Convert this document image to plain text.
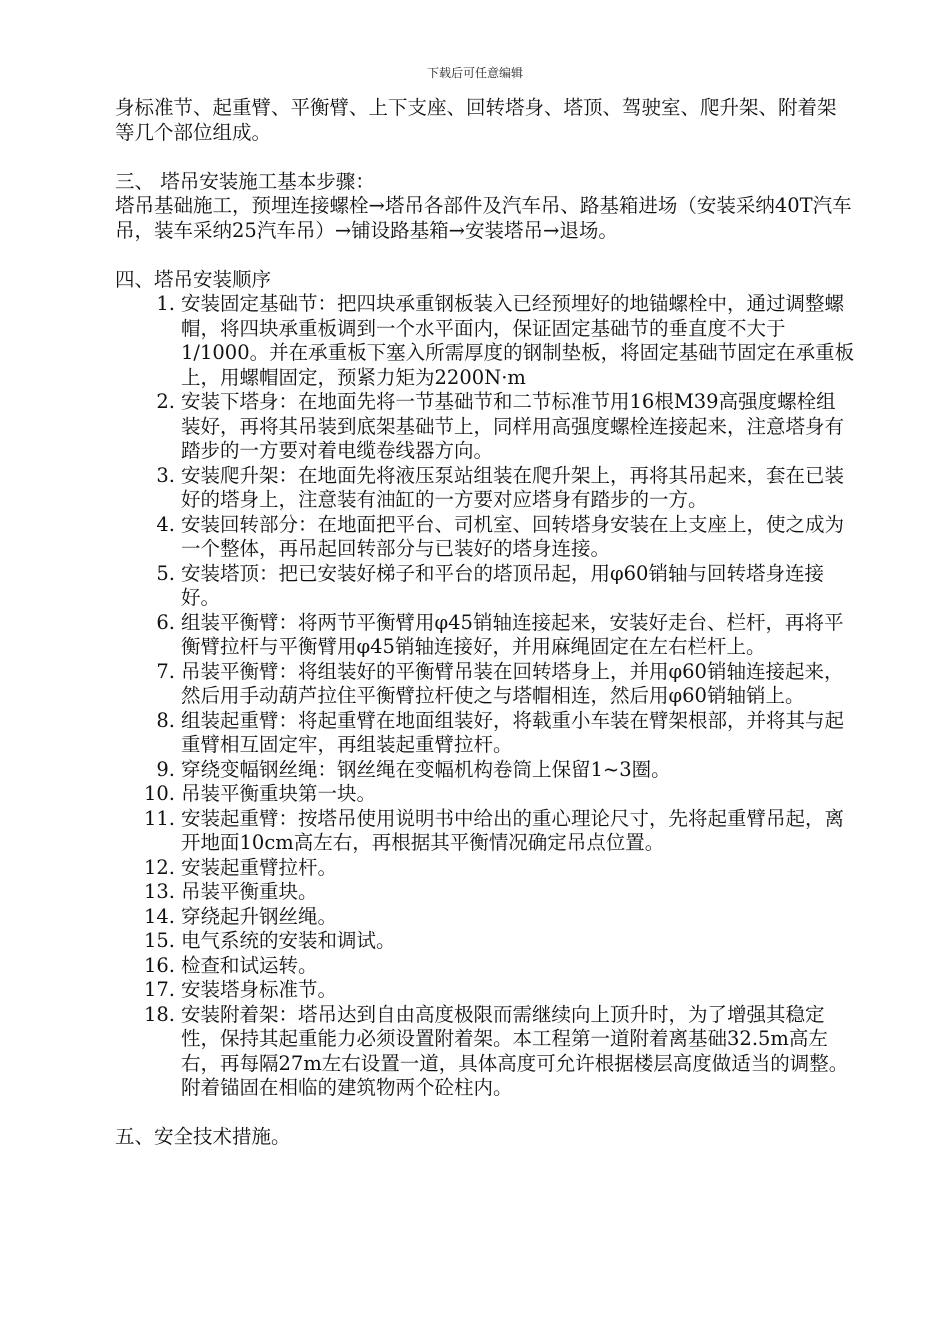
下载后可任意编辑

身标准节、起重臂、平衡臂、上下支座、回转塔身、塔顶、驾驶室、爬升架、附着架等几个部位组成。

三、 塔吊安装施工基本步骤：

塔吊基础施工，预埋连接螺栓→塔吊各部件及汽车吊、路基箱进场（安装采纳40T汽车吊，装车采纳25汽车吊）→铺设路基箱→安装塔吊→退场。

四、塔吊安装顺序

1. 安装固定基础节：把四块承重钢板装入已经预埋好的地锚螺栓中，通过调整螺帽，将四块承重板调到一个水平面内，保证固定基础节的垂直度不大于1/1000。并在承重板下塞入所需厚度的钢制垫板，将固定基础节固定在承重板上，用螺帽固定，预紧力矩为2200N·m
2. 安装下塔身：在地面先将一节基础节和二节标准节用16根M39高强度螺栓组装好，再将其吊装到底架基础节上，同样用高强度螺栓连接起来，注意塔身有踏步的一方要对着电缆卷线器方向。
3. 安装爬升架：在地面先将液压泵站组装在爬升架上，再将其吊起来，套在已装好的塔身上，注意装有油缸的一方要对应塔身有踏步的一方。
4. 安装回转部分：在地面把平台、司机室、回转塔身安装在上支座上，使之成为一个整体，再吊起回转部分与已装好的塔身连接。
5. 安装塔顶：把已安装好梯子和平台的塔顶吊起，用φ60销轴与回转塔身连接好。
6. 组装平衡臂：将两节平衡臂用φ45销轴连接起来，安装好走台、栏杆，再将平衡臂拉杆与平衡臂用φ45销轴连接好，并用麻绳固定在左右栏杆上。
7. 吊装平衡臂：将组装好的平衡臂吊装在回转塔身上，并用φ60销轴连接起来，然后用手动葫芦拉住平衡臂拉杆使之与塔帽相连，然后用φ60销轴销上。
8. 组装起重臂：将起重臂在地面组装好，将载重小车装在臂架根部，并将其与起重臂相互固定牢，再组装起重臂拉杆。
9. 穿绕变幅钢丝绳：钢丝绳在变幅机构卷筒上保留1~3圈。
10. 吊装平衡重块第一块。
11. 安装起重臂：按塔吊使用说明书中给出的重心理论尺寸，先将起重臂吊起，离开地面10cm高左右，再根据其平衡情况确定吊点位置。
12. 安装起重臂拉杆。
13. 吊装平衡重块。
14. 穿绕起升钢丝绳。
15. 电气系统的安装和调试。
16. 检查和试运转。
17. 安装塔身标准节。
18. 安装附着架：塔吊达到自由高度极限而需继续向上顶升时，为了增强其稳定性，保持其起重能力必须设置附着架。本工程第一道附着离基础32.5m高左右，再每隔27m左右设置一道，具体高度可允许根据楼层高度做适当的调整。附着锚固在相临的建筑物两个砼柱内。

五、安全技术措施。
